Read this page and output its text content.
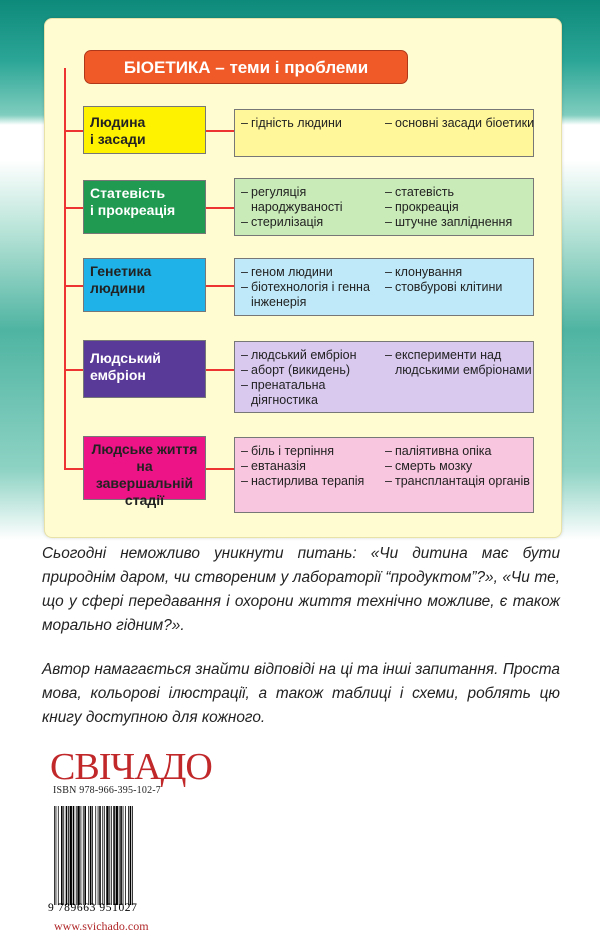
БІОЕТИКА – теми і проблеми
Людина
і засади
– гідність людини	– основні засади біоетики
Статевість
і прокреація
– регуляція народжуваності
– стерилізація
– статевість
– прокреація
– штучне запліднення
Генетика
людини
– геном людини
– біотехнологія і генна інженерія
– клонування
– стовбурові клітини
Людський
ембріон
– людський ембріон
– аборт (викидень)
– пренатальна діягностика
– експерименти над людськими ембріонами
Людське життя
на завершальній
стадії
– біль і терпіння
– евтаназія
– настирлива терапія
– паліятивна опіка
– смерть мозку
– трансплантація органів
Сьогодні неможливо уникнути питань: «Чи дитина має бути природнім даром, чи створеним у лабораторії “продуктом”?», «Чи те, що у сфері передавання і охорони життя технічно можливе, є також морально гідним?».
Автор намагається знайти відповіді на ці та інші запитання. Проста мова, кольорові ілюстрації, а також таблиці і схеми, роблять цю книгу доступною для кожного.
СВІЧАДО
ISBN 978-966-395-102-7
9 789663 951027
www.svichado.com
